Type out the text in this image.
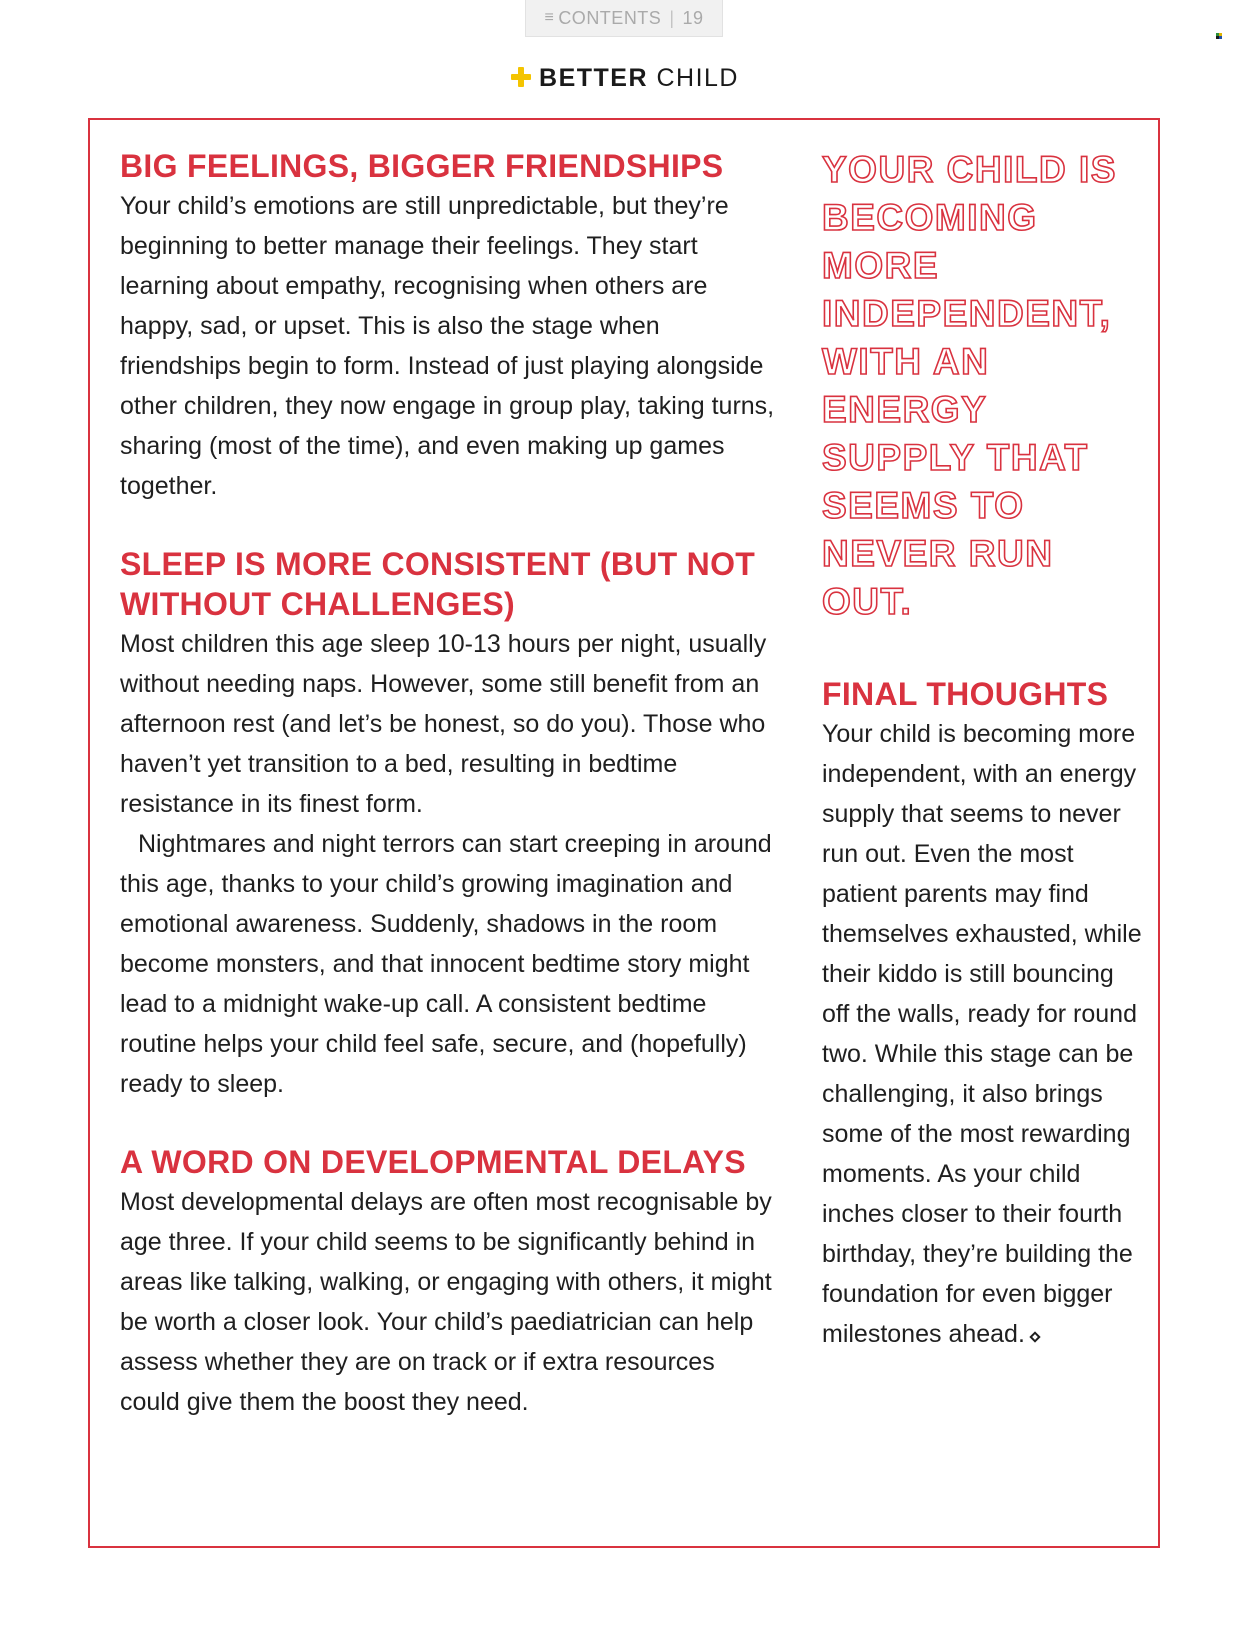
≡ CONTENTS | 19
BETTER CHILD
BIG FEELINGS, BIGGER FRIENDSHIPS

Your child’s emotions are still unpredictable, but they’re beginning to better manage their feelings. They start learning about empathy, recognising when others are happy, sad, or upset. This is also the stage when friendships begin to form. Instead of just playing alongside other children, they now engage in group play, taking turns, sharing (most of the time), and even making up games together.

SLEEP IS MORE CONSISTENT (BUT NOT WITHOUT CHALLENGES)

Most children this age sleep 10-13 hours per night, usually without needing naps. However, some still benefit from an afternoon rest (and let’s be honest, so do you). Those who haven’t yet transition to a bed, resulting in bedtime resistance in its finest form.

Nightmares and night terrors can start creeping in around this age, thanks to your child’s growing imagination and emotional awareness. Suddenly, shadows in the room become monsters, and that innocent bedtime story might lead to a midnight wake-up call. A consistent bedtime routine helps your child feel safe, secure, and (hopefully) ready to sleep.

A WORD ON DEVELOPMENTAL DELAYS

Most developmental delays are often most recognisable by age three. If your child seems to be significantly behind in areas like talking, walking, or engaging with others, it might be worth a closer look. Your child’s paediatrician can help assess whether they are on track or if extra resources could give them the boost they need.

YOUR CHILD IS BECOMING MORE INDEPENDENT, WITH AN ENERGY SUPPLY THAT SEEMS TO NEVER RUN OUT.
FINAL THOUGHTS

Your child is becoming more independent, with an energy supply that seems to never run out. Even the most patient parents may find themselves exhausted, while their kiddo is still bouncing off the walls, ready for round two. While this stage can be challenging, it also brings some of the most rewarding moments. As your child inches closer to their fourth birthday, they’re building the foundation for even bigger milestones ahead.
